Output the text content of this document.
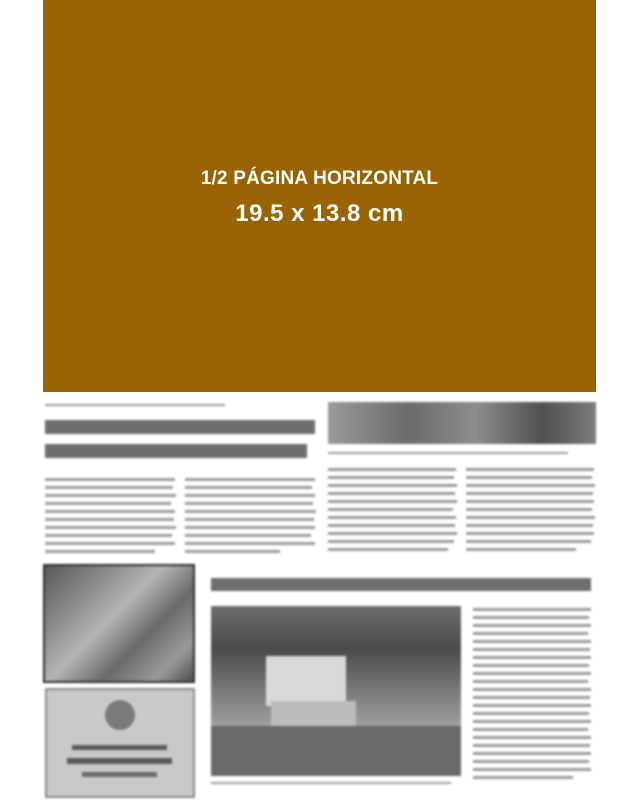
1/2 PÁGINA HORIZONTAL
19.5 x 13.8 cm
